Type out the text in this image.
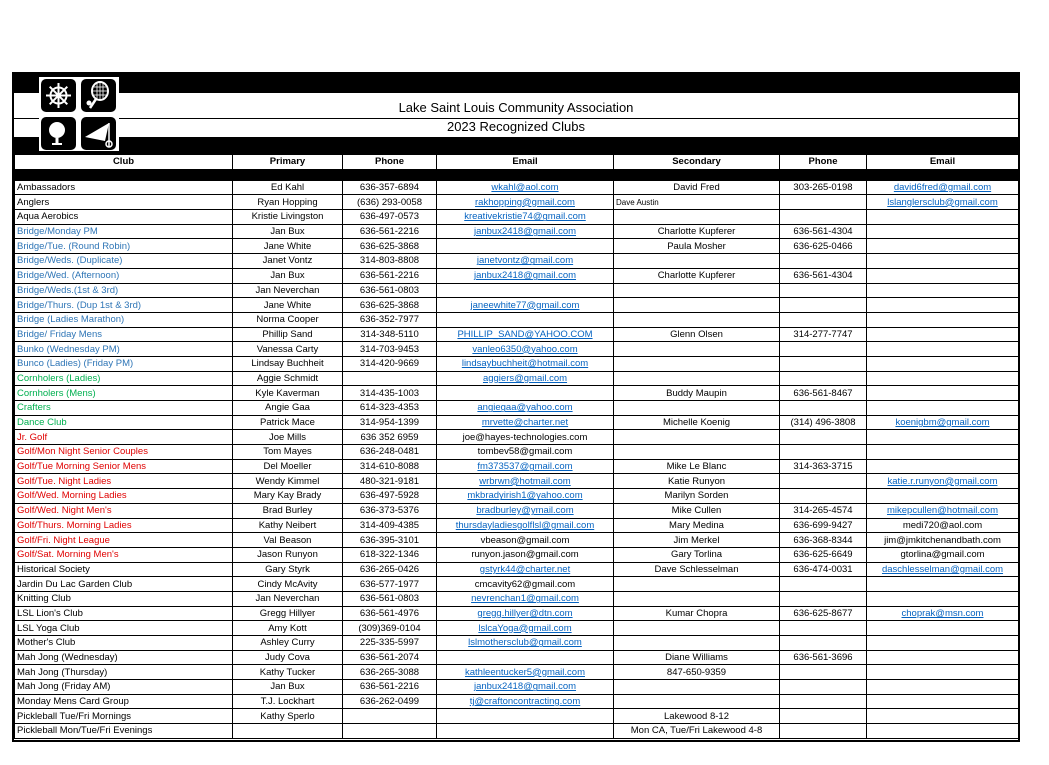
Lake Saint Louis Community Association
2023 Recognized Clubs
Club	Primary	Phone	Email	Secondary	Phone	Email

Ambassadors	Ed Kahl	636-357-6894	wkahl@aol.com	David Fred	303-265-0198	david6fred@gmail.com
Anglers	Ryan Hopping	(636) 293-0058	rakhopping@gmail.com	Dave Austin		lslanglersclub@gmail.com
Aqua Aerobics	Kristie Livingston	636-497-0573	kreativekristie74@gmail.com			
Bridge/Monday PM	Jan Bux	636-561-2216	janbux2418@gmail.com	Charlotte Kupferer	636-561-4304	
Bridge/Tue. (Round Robin)	Jane White	636-625-3868		Paula Mosher	636-625-0466	
Bridge/Weds. (Duplicate)	Janet Vontz	314-803-8808	janetvontz@gmail.com			
Bridge/Wed. (Afternoon)	Jan Bux	636-561-2216	janbux2418@gmail.com	Charlotte Kupferer	636-561-4304	
Bridge/Weds.(1st & 3rd)	Jan Neverchan	636-561-0803				
Bridge/Thurs. (Dup 1st & 3rd)	Jane White	636-625-3868	janeewhite77@gmail.com			
Bridge (Ladies Marathon)	Norma Cooper	636-352-7977				
Bridge/ Friday Mens	Phillip Sand	314-348-5110	PHILLIP_SAND@YAHOO.COM	Glenn Olsen	314-277-7747	
Bunko (Wednesday PM)	Vanessa Carty	314-703-9453	vanleo6350@yahoo.com			
Bunco (Ladies) (Friday PM)	Lindsay Buchheit	314-420-9669	lindsaybuchheit@hotmail.com			
Cornholers (Ladies)	Aggie Schmidt		aggiers@gmail.com			
Cornholers (Mens)	Kyle Kaverman	314-435-1003		Buddy Maupin	636-561-8467	
Crafters	Angie Gaa	614-323-4353	angiegaa@yahoo.com			
Dance Club	Patrick Mace	314-954-1399	mrvette@charter.net	Michelle Koenig	(314) 496-3808	koenigbm@gmail.com
Jr. Golf	Joe Mills	636 352 6959	joe@hayes-technologies.com			
Golf/Mon Night Senior Couples	Tom Mayes	636-248-0481	tombev58@gmail.com			
Golf/Tue Morning Senior Mens	Del Moeller	314-610-8088	fm373537@gmail.com	Mike Le Blanc	314-363-3715	
Golf/Tue. Night Ladies	Wendy Kimmel	480-321-9181	wrbrwn@hotmail.com	Katie Runyon		katie.r.runyon@gmail.com
Golf/Wed. Morning Ladies	Mary Kay Brady	636-497-5928	mkbradyirish1@yahoo.com	Marilyn Sorden		
Golf/Wed. Night Men's	Brad Burley	636-373-5376	bradburley@ymail.com	Mike Cullen	314-265-4574	mikepcullen@hotmail.com
Golf/Thurs. Morning Ladies	Kathy Neibert	314-409-4385	thursdayladiesgolflsl@gmail.com	Mary Medina	636-699-9427	medi720@aol.com
Golf/Fri. Night League	Val Beason	636-395-3101	vbeason@gmail.com	Jim Merkel	636-368-8344	jim@jmkitchenandbath.com
Golf/Sat. Morning Men's	Jason Runyon	618-322-1346	runyon.jason@gmail.com	Gary Torlina	636-625-6649	gtorlina@gmail.com
Historical Society	Gary Styrk	636-265-0426	gstyrk44@charter.net	Dave Schlesselman	636-474-0031	daschlesselman@gmail.com
Jardin Du Lac Garden Club	Cindy McAvity	636-577-1977	cmcavity62@gmail.com			
Knitting Club	Jan Neverchan	636-561-0803	nevrenchan1@gmail.com			
LSL Lion's Club	Gregg Hillyer	636-561-4976	gregg.hillyer@dtn.com	Kumar Chopra	636-625-8677	choprak@msn.com
LSL Yoga Club	Amy Kott	(309)369-0104	lslcaYoga@gmail.com			
Mother's Club	Ashley Curry	225-335-5997	lslmothersclub@gmail.com			
Mah Jong (Wednesday)	Judy Cova	636-561-2074		Diane Williams	636-561-3696	
Mah Jong (Thursday)	Kathy Tucker	636-265-3088	kathleentucker5@gmail.com	847-650-9359		
Mah Jong (Friday AM)	Jan Bux	636-561-2216	janbux2418@gmail.com			
Monday Mens Card Group	T.J. Lockhart	636-262-0499	tj@craftoncontracting.com			
Pickleball Tue/Fri Mornings	Kathy Sperlo			Lakewood 8-12		
Pickleball Mon/Tue/Fri Evenings				Mon CA, Tue/Fri Lakewood 4-8		
